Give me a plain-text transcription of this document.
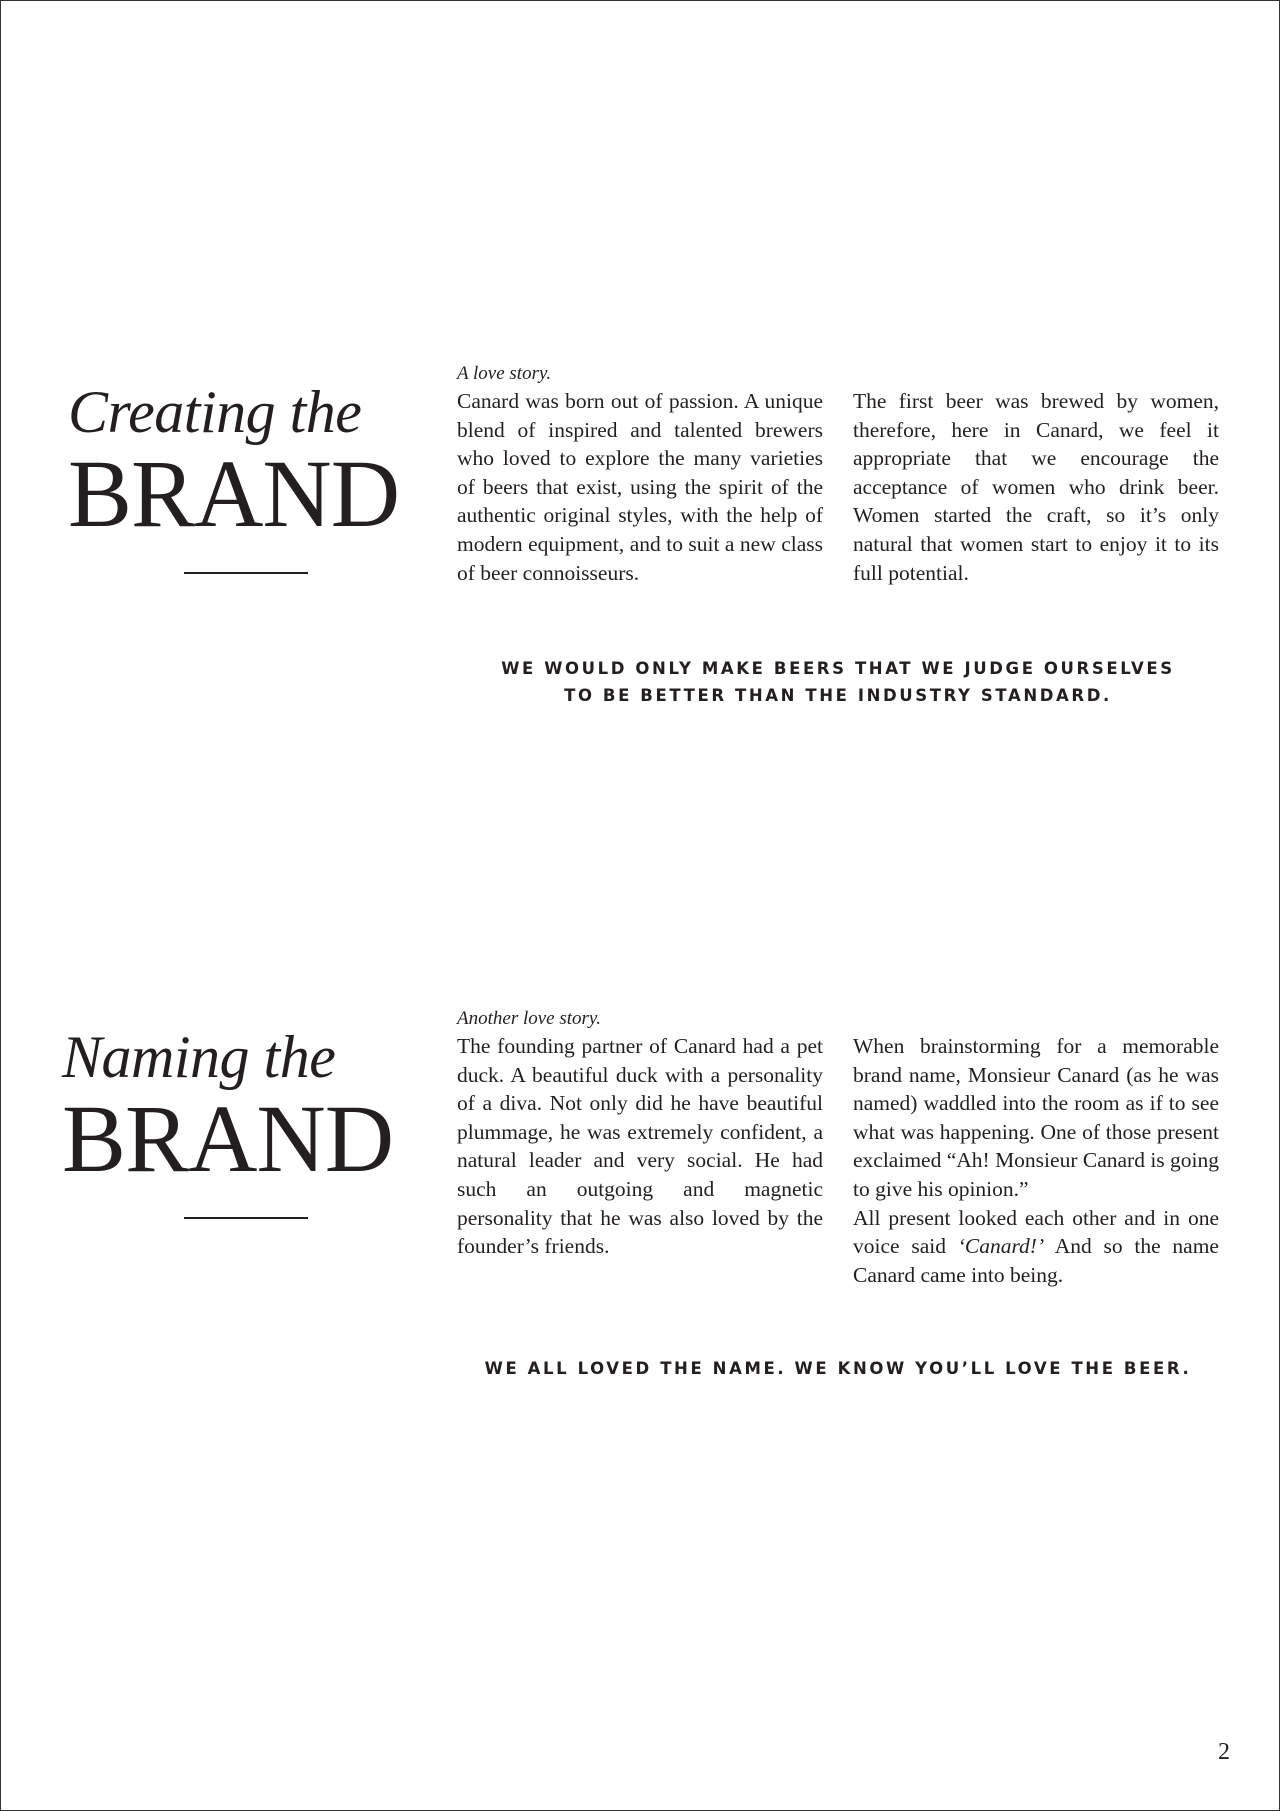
Creating the
BRAND
A love story.

Canard was born out of passion. A unique blend of inspired and talented brewers who loved to explore the many varieties of beers that exist, using the spirit of the authentic original styles, with the help of modern equipment, and to suit a new class of beer connoisseurs.

The first beer was brewed by women, therefore, here in Canard, we feel it appropriate that we encourage the acceptance of women who drink beer. Women started the craft, so it’s only natural that women start to enjoy it to its full potential.

WE WOULD ONLY MAKE BEERS THAT WE JUDGE OURSELVES
TO BE BETTER THAN THE INDUSTRY STANDARD.
Naming the
BRAND
Another love story.

The founding partner of Canard had a pet duck. A beautiful duck with a personality of a diva. Not only did he have beautiful plummage, he was extremely confident, a natural leader and very social. He had such an outgoing and magnetic personality that he was also loved by the founder’s friends.

When brainstorming for a memorable brand name, Monsieur Canard (as he was named) waddled into the room as if to see what was happening. One of those present exclaimed “Ah! Monsieur Canard is going to give his opinion.”

All present looked each other and in one voice said ‘Canard!’ And so the name Canard came into being.

WE ALL LOVED THE NAME. WE KNOW YOU’LL LOVE THE BEER.
2
